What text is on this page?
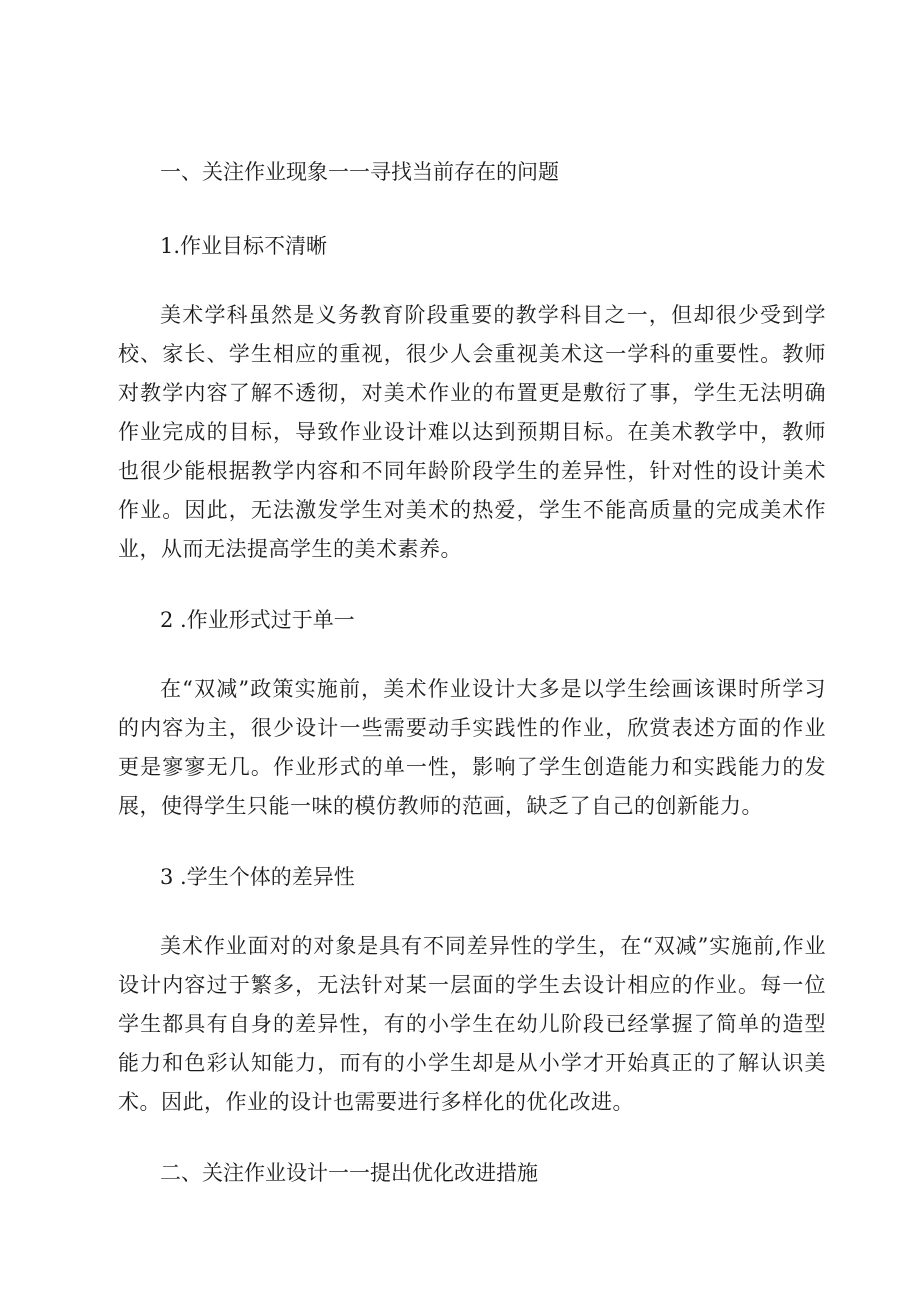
一、关注作业现象一一寻找当前存在的问题

1.作业目标不清晰

美术学科虽然是义务教育阶段重要的教学科目之一，但却很少受到学校、家长、学生相应的重视，很少人会重视美术这一学科的重要性。教师对教学内容了解不透彻，对美术作业的布置更是敷衍了事，学生无法明确作业完成的目标，导致作业设计难以达到预期目标。在美术教学中，教师也很少能根据教学内容和不同年龄阶段学生的差异性，针对性的设计美术作业。因此，无法激发学生对美术的热爱，学生不能高质量的完成美术作业，从而无法提高学生的美术素养。

2 .作业形式过于单一

在“双减”政策实施前，美术作业设计大多是以学生绘画该课时所学习的内容为主，很少设计一些需要动手实践性的作业，欣赏表述方面的作业更是寥寥无几。作业形式的单一性，影响了学生创造能力和实践能力的发展，使得学生只能一味的模仿教师的范画，缺乏了自己的创新能力。

3 .学生个体的差异性

美术作业面对的对象是具有不同差异性的学生，在“双减”实施前,作业设计内容过于繁多，无法针对某一层面的学生去设计相应的作业。每一位学生都具有自身的差异性，有的小学生在幼儿阶段已经掌握了简单的造型能力和色彩认知能力，而有的小学生却是从小学才开始真正的了解认识美术。因此，作业的设计也需要进行多样化的优化改进。

二、关注作业设计一一提出优化改进措施
